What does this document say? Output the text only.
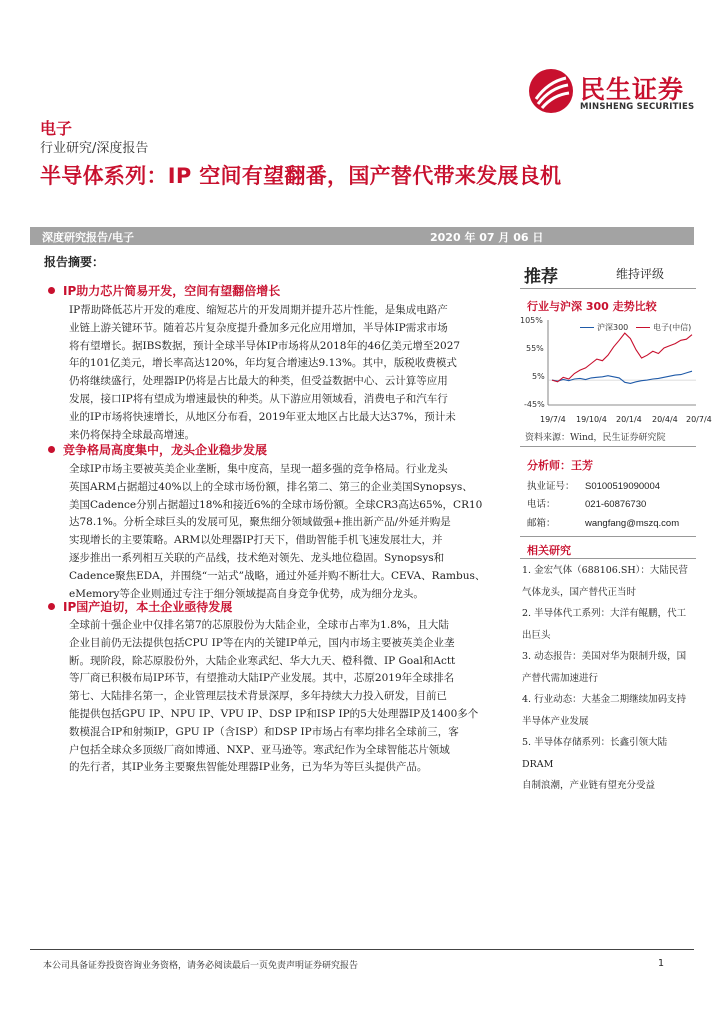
民生证券
MINSHENG SECURITIES
电子
行业研究/深度报告
半导体系列：IP 空间有望翻番，国产替代带来发展良机
深度研究报告/电子	2020 年 07 月 06 日
报告摘要：
IP助力芯片简易开发，空间有望翻倍增长
IP帮助降低芯片开发的难度、缩短芯片的开发周期并提升芯片性能，是集成电路产
业链上游关键环节。随着芯片复杂度提升叠加多元化应用增加，半导体IP需求市场
将有望增长。据IBS数据，预计全球半导体IP市场将从2018年的46亿美元增至2027
年的101亿美元，增长率高达120%，年均复合增速达9.13%。其中，版税收费模式
仍将继续盛行，处理器IP仍将是占比最大的种类，但受益数据中心、云计算等应用
发展，接口IP将有望成为增速最快的种类。从下游应用领域看，消费电子和汽车行
业的IP市场将快速增长，从地区分布看，2019年亚太地区占比最大达37%，预计未
来仍将保持全球最高增速。
竞争格局高度集中，龙头企业稳步发展
全球IP市场主要被英美企业垄断，集中度高，呈现一超多强的竞争格局。行业龙头
英国ARM占据超过40%以上的全球市场份额，排名第二、第三的企业美国Synopsys、
美国Cadence分别占据超过18%和接近6%的全球市场份额。全球CR3高达65%，CR10
达78.1%。分析全球巨头的发展可见，聚焦细分领域做强+推出新产品/外延并购是
实现增长的主要策略。ARM以处理器IP打天下，借助智能手机飞速发展壮大，并
逐步推出一系列相互关联的产品线，技术绝对领先、龙头地位稳固。Synopsys和
Cadence聚焦EDA，并围绕“一站式”战略，通过外延并购不断壮大。CEVA、Rambus、
eMemory等企业则通过专注于细分领域提高自身竞争优势，成为细分龙头。
IP国产迫切，本土企业亟待发展
全球前十强企业中仅排名第7的芯原股份为大陆企业，全球市占率为1.8%，且大陆
企业目前仍无法提供包括CPU IP等在内的关键IP单元，国内市场主要被英美企业垄
断。现阶段，除芯原股份外，大陆企业寒武纪、华大九天、橙科微、IP Goal和Actt
等厂商已积极布局IP环节，有望推动大陆IP产业发展。其中，芯原2019年全球排名
第七、大陆排名第一，企业管理层技术背景深厚，多年持续大力投入研发，目前已
能提供包括GPU IP、NPU IP、VPU IP、DSP IP和ISP IP的5大处理器IP及1400多个
数模混合IP和射频IP，GPU IP（含ISP）和DSP IP市场占有率均排名全球前三，客
户包括全球众多顶级厂商如博通、NXP、亚马逊等。寒武纪作为全球智能芯片领域
的先行者，其IP业务主要聚焦智能处理器IP业务，已为华为等巨头提供产品。
推荐	维持评级
行业与沪深 300 走势比较
沪深300	电子(中信)
105%
55%
5%
-45%
19/7/4 19/10/4 20/1/4 20/4/4 20/7/4
资料来源：Wind，民生证券研究院
分析师：王芳
执业证号： S0100519090004
电话：	021-60876730
邮箱：	wangfang@mszq.com
相关研究
1. 金宏气体（688106.SH）：大陆民营
气体龙头，国产替代正当时
2. 半导体代工系列：大洋有鲲鹏，代工
出巨头
3. 动态报告：美国对华为限制升级，国
产替代需加速进行
4. 行业动态：大基金二期继续加码支持
半导体产业发展
5. 半导体存储系列：长鑫引领大陆DRAM
自制浪潮，产业链有望充分受益
本公司具备证券投资咨询业务资格，请务必阅读最后一页免责声明证券研究报告	1
